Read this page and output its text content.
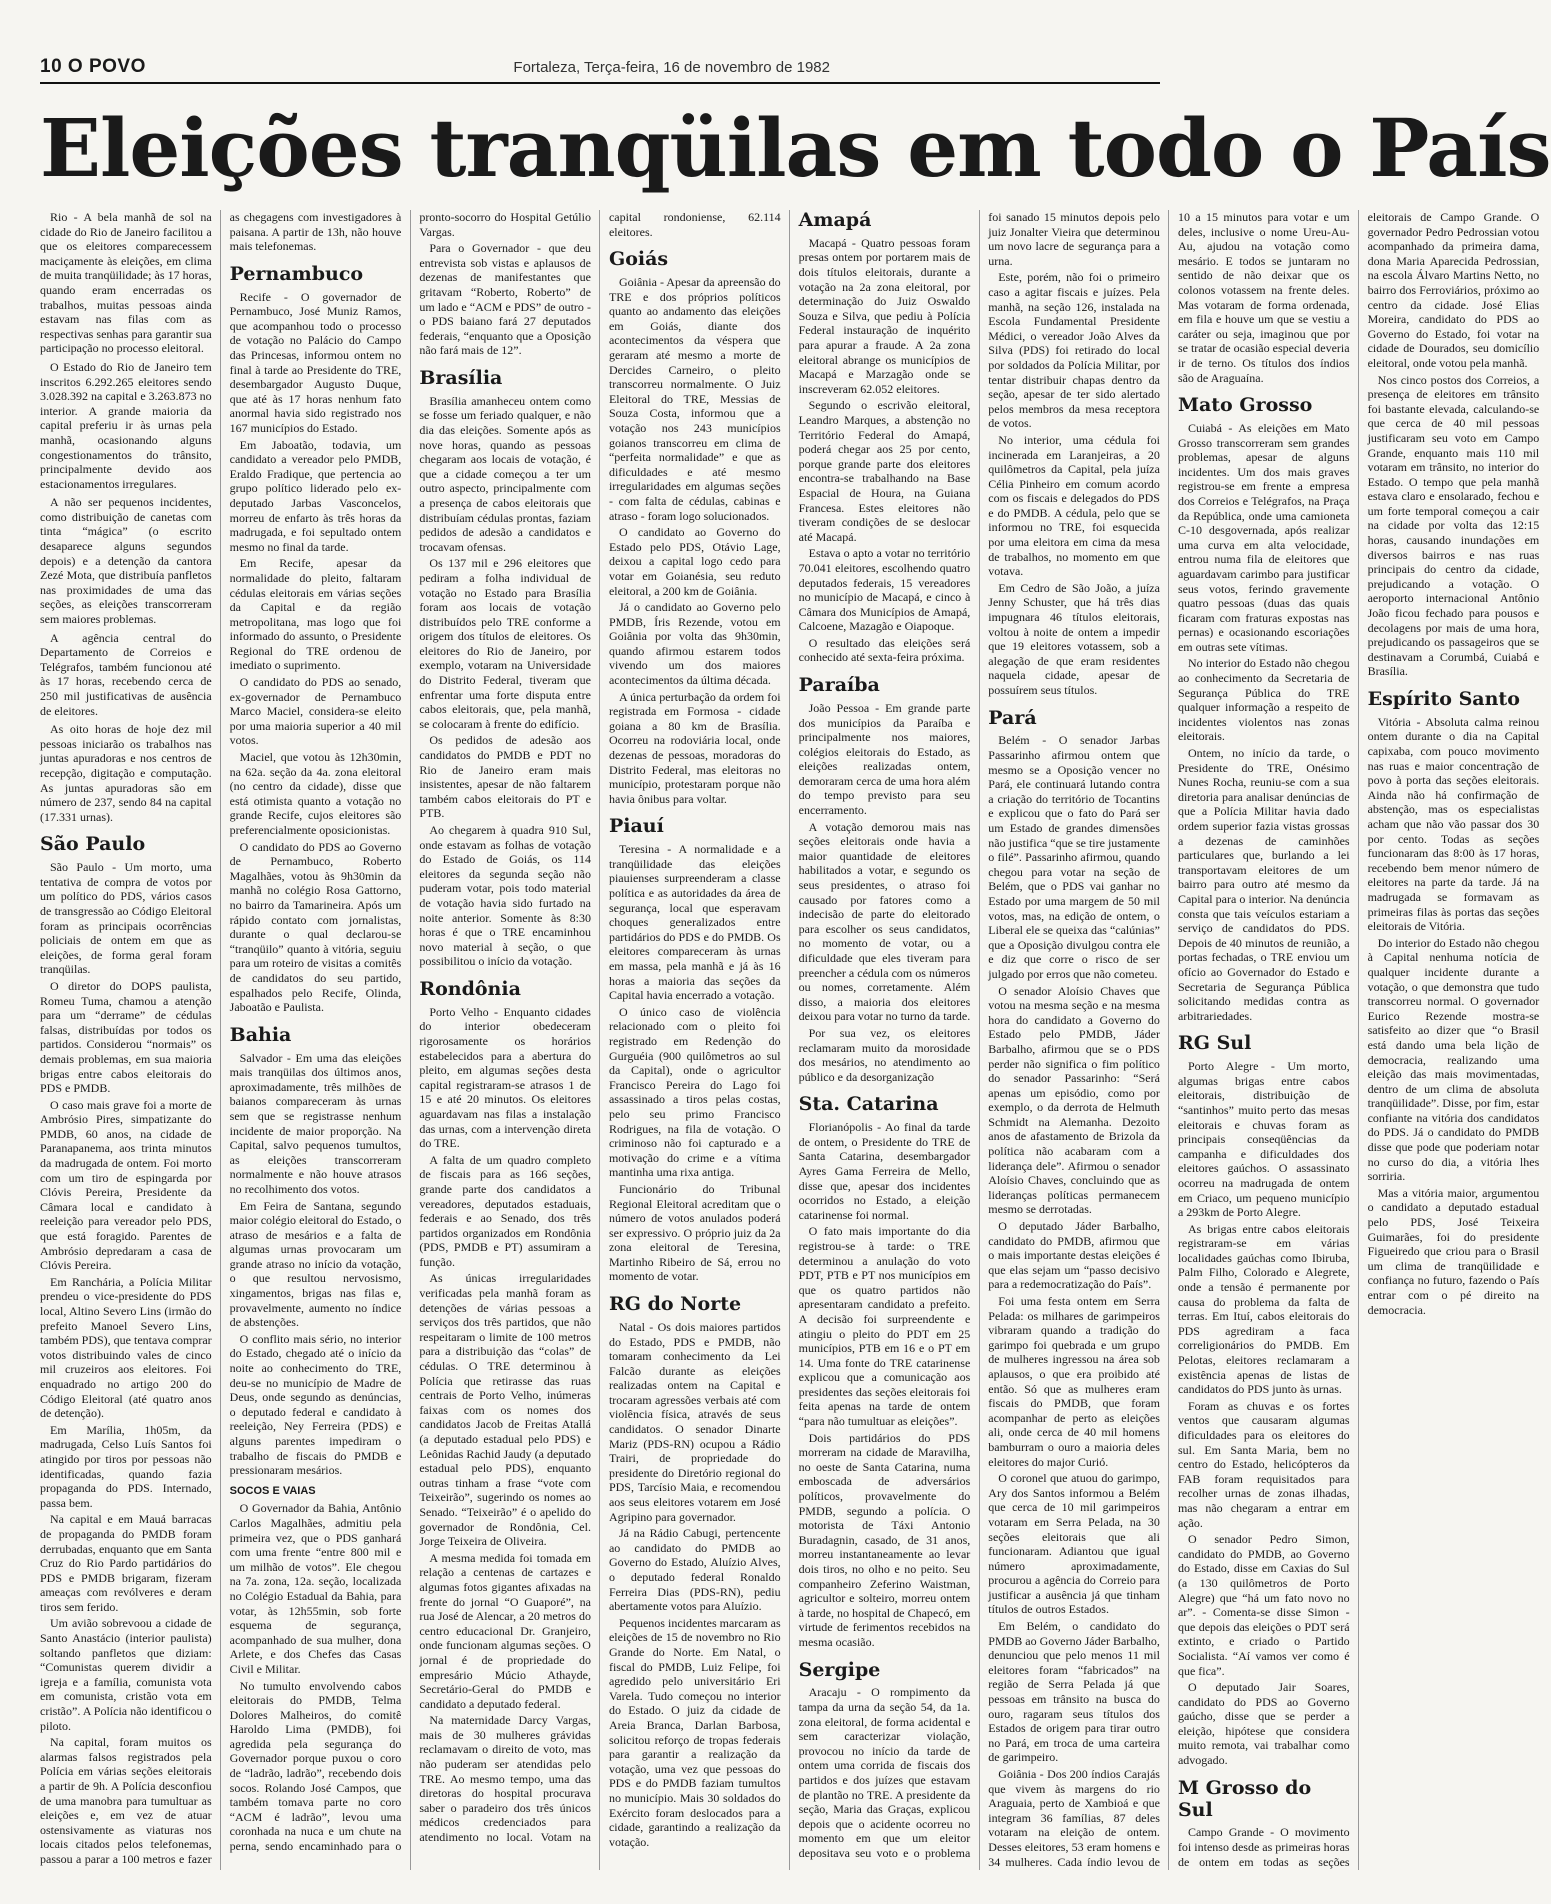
10 O POVO	Fortaleza, Terça-feira, 16 de novembro de 1982
Eleições tranqüilas em todo o País

Rio - A bela manhã de sol na cidade do Rio de Janeiro facilitou a que os eleitores comparecessem maciçamente às eleições, em clima de muita tranqüilidade; às 17 horas, quando eram encerradas os trabalhos, muitas pessoas ainda estavam nas filas com as respectivas senhas para garantir sua participação no processo eleitoral.

O Estado do Rio de Janeiro tem inscritos 6.292.265 eleitores sendo 3.028.392 na capital e 3.263.873 no interior. A grande maioria da capital preferiu ir às urnas pela manhã, ocasionando alguns congestionamentos do trânsito, principalmente devido aos estacionamentos irregulares.

A não ser pequenos incidentes, como distribuição de canetas com tinta “mágica” (o escrito desaparece alguns segundos depois) e a detenção da cantora Zezé Mota, que distribuía panfletos nas proximidades de uma das seções, as eleições transcorreram sem maiores problemas.

A agência central do Departamento de Correios e Telégrafos, também funcionou até às 17 horas, recebendo cerca de 250 mil justificativas de ausência de eleitores.

As oito horas de hoje dez mil pessoas iniciarão os trabalhos nas juntas apuradoras e nos centros de recepção, digitação e computação. As juntas apuradoras são em número de 237, sendo 84 na capital (17.331 urnas).

São Paulo

São Paulo - Um morto, uma tentativa de compra de votos por um político do PDS, vários casos de transgressão ao Código Eleitoral foram as principais ocorrências policiais de ontem em que as eleições, de forma geral foram tranqüilas.

O diretor do DOPS paulista, Romeu Tuma, chamou a atenção para um “derrame” de cédulas falsas, distribuídas por todos os partidos. Considerou “normais” os demais problemas, em sua maioria brigas entre cabos eleitorais do PDS e PMDB.

O caso mais grave foi a morte de Ambrósio Pires, simpatizante do PMDB, 60 anos, na cidade de Paranapanema, aos trinta minutos da madrugada de ontem. Foi morto com um tiro de espingarda por Clóvis Pereira, Presidente da Câmara local e candidato à reeleição para vereador pelo PDS, que está foragido. Parentes de Ambrósio depredaram a casa de Clóvis Pereira.

Em Ranchária, a Polícia Militar prendeu o vice-presidente do PDS local, Altino Severo Lins (irmão do prefeito Manoel Severo Lins, também PDS), que tentava comprar votos distribuindo vales de cinco mil cruzeiros aos eleitores. Foi enquadrado no artigo 200 do Código Eleitoral (até quatro anos de detenção).

Em Marília, 1h05m, da madrugada, Celso Luís Santos foi atingido por tiros por pessoas não identificadas, quando fazia propaganda do PDS. Internado, passa bem.

Na capital e em Mauá barracas de propaganda do PMDB foram derrubadas, enquanto que em Santa Cruz do Rio Pardo partidários do PDS e PMDB brigaram, fizeram ameaças com revólveres e deram tiros sem ferido.

Um avião sobrevoou a cidade de Santo Anastácio (interior paulista) soltando panfletos que diziam: “Comunistas querem dividir a igreja e a família, comunista vota em comunista, cristão vota em cristão”. A Polícia não identificou o piloto.

Na capital, foram muitos os alarmas falsos registrados pela Polícia em várias seções eleitorais a partir de 9h. A Polícia desconfiou de uma manobra para tumultuar as eleições e, em vez de atuar ostensivamente as viaturas nos locais citados pelos telefonemas, passou a parar a 100 metros e fazer as chegagens com investigadores à paisana. A partir de 13h, não houve mais telefonemas.

Pernambuco

Recife - O governador de Pernambuco, José Muniz Ramos, que acompanhou todo o processo de votação no Palácio do Campo das Princesas, informou ontem no final à tarde ao Presidente do TRE, desembargador Augusto Duque, que até às 17 horas nenhum fato anormal havia sido registrado nos 167 municípios do Estado.

Em Jaboatão, todavia, um candidato a vereador pelo PMDB, Eraldo Fradique, que pertencia ao grupo político liderado pelo ex-deputado Jarbas Vasconcelos, morreu de enfarto às três horas da madrugada, e foi sepultado ontem mesmo no final da tarde.

Em Recife, apesar da normalidade do pleito, faltaram cédulas eleitorais em várias seções da Capital e da região metropolitana, mas logo que foi informado do assunto, o Presidente Regional do TRE ordenou de imediato o suprimento.

O candidato do PDS ao senado, ex-governador de Pernambuco Marco Maciel, considera-se eleito por uma maioria superior a 40 mil votos.

Maciel, que votou às 12h30min, na 62a. seção da 4a. zona eleitoral (no centro da cidade), disse que está otimista quanto a votação no grande Recife, cujos eleitores são preferencialmente oposicionistas.

O candidato do PDS ao Governo de Pernambuco, Roberto Magalhães, votou às 9h30min da manhã no colégio Rosa Gattorno, no bairro da Tamarineira. Após um rápido contato com jornalistas, durante o qual declarou-se “tranqüilo” quanto à vitória, seguiu para um roteiro de visitas a comitês de candidatos do seu partido, espalhados pelo Recife, Olinda, Jaboatão e Paulista.

Bahia

Salvador - Em uma das eleições mais tranqüilas dos últimos anos, aproximadamente, três milhões de baianos compareceram às urnas sem que se registrasse nenhum incidente de maior proporção. Na Capital, salvo pequenos tumultos, as eleições transcorreram normalmente e não houve atrasos no recolhimento dos votos.

Em Feira de Santana, segundo maior colégio eleitoral do Estado, o atraso de mesários e a falta de algumas urnas provocaram um grande atraso no início da votação, o que resultou nervosismo, xingamentos, brigas nas filas e, provavelmente, aumento no índice de abstenções.

O conflito mais sério, no interior do Estado, chegado até o início da noite ao conhecimento do TRE, deu-se no município de Madre de Deus, onde segundo as denúncias, o deputado federal e candidato à reeleição, Ney Ferreira (PDS) e alguns parentes impediram o trabalho de fiscais do PMDB e pressionaram mesários.

SOCOS E VAIAS

O Governador da Bahia, Antônio Carlos Magalhães, admitiu pela primeira vez, que o PDS ganhará com uma frente “entre 800 mil e um milhão de votos”. Ele chegou na 7a. zona, 12a. seção, localizada no Colégio Estadual da Bahia, para votar, às 12h55min, sob forte esquema de segurança, acompanhado de sua mulher, dona Arlete, e dos Chefes das Casas Civil e Militar.

No tumulto envolvendo cabos eleitorais do PMDB, Telma Dolores Malheiros, do comitê Haroldo Lima (PMDB), foi agredida pela segurança do Governador porque puxou o coro de “ladrão, ladrão”, recebendo dois socos. Rolando José Campos, que também tomava parte no coro “ACM é ladrão”, levou uma coronhada na nuca e um chute na perna, sendo encaminhado para o pronto-socorro do Hospital Getúlio Vargas.

Para o Governador - que deu entrevista sob vistas e aplausos de dezenas de manifestantes que gritavam “Roberto, Roberto” de um lado e “ACM e PDS” de outro - o PDS baiano fará 27 deputados federais, “enquanto que a Oposição não fará mais de 12”.

Brasília

Brasília amanheceu ontem como se fosse um feriado qualquer, e não dia das eleições. Somente após as nove horas, quando as pessoas chegaram aos locais de votação, é que a cidade começou a ter um outro aspecto, principalmente com a presença de cabos eleitorais que distribuíam cédulas prontas, faziam pedidos de adesão a candidatos e trocavam ofensas.

Os 137 mil e 296 eleitores que pediram a folha individual de votação no Estado para Brasília foram aos locais de votação distribuídos pelo TRE conforme a origem dos títulos de eleitores. Os eleitores do Rio de Janeiro, por exemplo, votaram na Universidade do Distrito Federal, tiveram que enfrentar uma forte disputa entre cabos eleitorais, que, pela manhã, se colocaram à frente do edifício.

Os pedidos de adesão aos candidatos do PMDB e PDT no Rio de Janeiro eram mais insistentes, apesar de não faltarem também cabos eleitorais do PT e PTB.

Ao chegarem à quadra 910 Sul, onde estavam as folhas de votação do Estado de Goiás, os 114 eleitores da segunda seção não puderam votar, pois todo material de votação havia sido furtado na noite anterior. Somente às 8:30 horas é que o TRE encaminhou novo material à seção, o que possibilitou o início da votação.

Rondônia

Porto Velho - Enquanto cidades do interior obedeceram rigorosamente os horários estabelecidos para a abertura do pleito, em algumas seções desta capital registraram-se atrasos 1 de 15 e até 20 minutos. Os eleitores aguardavam nas filas a instalação das urnas, com a intervenção direta do TRE.

A falta de um quadro completo de fiscais para as 166 seções, grande parte dos candidatos a vereadores, deputados estaduais, federais e ao Senado, dos três partidos organizados em Rondônia (PDS, PMDB e PT) assumiram a função.

As únicas irregularidades verificadas pela manhã foram as detenções de várias pessoas a serviços dos três partidos, que não respeitaram o limite de 100 metros para a distribuição das “colas” de cédulas. O TRE determinou à Polícia que retirasse das ruas centrais de Porto Velho, inúmeras faixas com os nomes dos candidatos Jacob de Freitas Atallá (a deputado estadual pelo PDS) e Leônidas Rachid Jaudy (a deputado estadual pelo PDS), enquanto outras tinham a frase “vote com Teixeirão”, sugerindo os nomes ao Senado. “Teixeirão” é o apelido do governador de Rondônia, Cel. Jorge Teixeira de Oliveira.

A mesma medida foi tomada em relação a centenas de cartazes e algumas fotos gigantes afixadas na frente do jornal “O Guaporé”, na rua José de Alencar, a 20 metros do centro educacional Dr. Granjeiro, onde funcionam algumas seções. O jornal é de propriedade do empresário Múcio Athayde, Secretário-Geral do PMDB e candidato a deputado federal.

Na maternidade Darcy Vargas, mais de 30 mulheres grávidas reclamavam o direito de voto, mas não puderam ser atendidas pelo TRE. Ao mesmo tempo, uma das diretoras do hospital procurava saber o paradeiro dos três únicos médicos credenciados para atendimento no local. Votam na capital rondoniense, 62.114 eleitores.

Goiás

Goiânia - Apesar da apreensão do TRE e dos próprios políticos quanto ao andamento das eleições em Goiás, diante dos acontecimentos da véspera que geraram até mesmo a morte de Dercides Carneiro, o pleito transcorreu normalmente. O Juiz Eleitoral do TRE, Messias de Souza Costa, informou que a votação nos 243 municípios goianos transcorreu em clima de “perfeita normalidade” e que as dificuldades e até mesmo irregularidades em algumas seções - com falta de cédulas, cabinas e atraso - foram logo solucionados.

O candidato ao Governo do Estado pelo PDS, Otávio Lage, deixou a capital logo cedo para votar em Goianésia, seu reduto eleitoral, a 200 km de Goiânia.

Já o candidato ao Governo pelo PMDB, Íris Rezende, votou em Goiânia por volta das 9h30min, quando afirmou estarem todos vivendo um dos maiores acontecimentos da última década.

A única perturbação da ordem foi registrada em Formosa - cidade goiana a 80 km de Brasília. Ocorreu na rodoviária local, onde dezenas de pessoas, moradoras do Distrito Federal, mas eleitoras no município, protestaram porque não havia ônibus para voltar.

Piauí

Teresina - A normalidade e a tranqüilidade das eleições piauienses surpreenderam a classe política e as autoridades da área de segurança, local que esperavam choques generalizados entre partidários do PDS e do PMDB. Os eleitores compareceram às urnas em massa, pela manhã e já às 16 horas a maioria das seções da Capital havia encerrado a votação.

O único caso de violência relacionado com o pleito foi registrado em Redenção do Gurguéia (900 quilômetros ao sul da Capital), onde o agricultor Francisco Pereira do Lago foi assassinado a tiros pelas costas, pelo seu primo Francisco Rodrigues, na fila de votação. O criminoso não foi capturado e a motivação do crime e a vítima mantinha uma rixa antiga.

Funcionário do Tribunal Regional Eleitoral acreditam que o número de votos anulados poderá ser expressivo. O próprio juiz da 2a zona eleitoral de Teresina, Martinho Ribeiro de Sá, errou no momento de votar.

RG do Norte

Natal - Os dois maiores partidos do Estado, PDS e PMDB, não tomaram conhecimento da Lei Falcão durante as eleições realizadas ontem na Capital e trocaram agressões verbais até com violência física, através de seus candidatos. O senador Dinarte Mariz (PDS-RN) ocupou a Rádio Trairi, de propriedade do presidente do Diretório regional do PDS, Tarcísio Maia, e recomendou aos seus eleitores votarem em José Agripino para governador.

Já na Rádio Cabugi, pertencente ao candidato do PMDB ao Governo do Estado, Aluízio Alves, o deputado federal Ronaldo Ferreira Dias (PDS-RN), pediu abertamente votos para Aluízio.

Pequenos incidentes marcaram as eleições de 15 de novembro no Rio Grande do Norte. Em Natal, o fiscal do PMDB, Luiz Felipe, foi agredido pelo universitário Eri Varela. Tudo começou no interior do Estado. O juiz da cidade de Areia Branca, Darlan Barbosa, solicitou reforço de tropas federais para garantir a realização da votação, uma vez que pessoas do PDS e do PMDB faziam tumultos no município. Mais 30 soldados do Exército foram deslocados para a cidade, garantindo a realização da votação.

Amapá

Macapá - Quatro pessoas foram presas ontem por portarem mais de dois títulos eleitorais, durante a votação na 2a zona eleitoral, por determinação do Juiz Oswaldo Souza e Silva, que pediu à Polícia Federal instauração de inquérito para apurar a fraude. A 2a zona eleitoral abrange os municípios de Macapá e Marzagão onde se inscreveram 62.052 eleitores.

Segundo o escrivão eleitoral, Leandro Marques, a abstenção no Território Federal do Amapá, poderá chegar aos 25 por cento, porque grande parte dos eleitores encontra-se trabalhando na Base Espacial de Houra, na Guiana Francesa. Estes eleitores não tiveram condições de se deslocar até Macapá.

Estava o apto a votar no território 70.041 eleitores, escolhendo quatro deputados federais, 15 vereadores no município de Macapá, e cinco à Câmara dos Municípios de Amapá, Calcoene, Mazagão e Oiapoque.

O resultado das eleições será conhecido até sexta-feira próxima.

Paraíba

João Pessoa - Em grande parte dos municípios da Paraíba e principalmente nos maiores, colégios eleitorais do Estado, as eleições realizadas ontem, demoraram cerca de uma hora além do tempo previsto para seu encerramento.

A votação demorou mais nas seções eleitorais onde havia a maior quantidade de eleitores habilitados a votar, e segundo os seus presidentes, o atraso foi causado por fatores como a indecisão de parte do eleitorado para escolher os seus candidatos, no momento de votar, ou a dificuldade que eles tiveram para preencher a cédula com os números ou nomes, corretamente. Além disso, a maioria dos eleitores deixou para votar no turno da tarde.

Por sua vez, os eleitores reclamaram muito da morosidade dos mesários, no atendimento ao público e da desorganização

Sta. Catarina

Florianópolis - Ao final da tarde de ontem, o Presidente do TRE de Santa Catarina, desembargador Ayres Gama Ferreira de Mello, disse que, apesar dos incidentes ocorridos no Estado, a eleição catarinense foi normal.

O fato mais importante do dia registrou-se à tarde: o TRE determinou a anulação do voto PDT, PTB e PT nos municípios em que os quatro partidos não apresentaram candidato a prefeito. A decisão foi surpreendente e atingiu o pleito do PDT em 25 municípios, PTB em 16 e o PT em 14. Uma fonte do TRE catarinense explicou que a comunicação aos presidentes das seções eleitorais foi feita apenas na tarde de ontem “para não tumultuar as eleições”.

Dois partidários do PDS morreram na cidade de Maravilha, no oeste de Santa Catarina, numa emboscada de adversários políticos, provavelmente do PMDB, segundo a polícia. O motorista de Táxi Antonio Buradagnin, casado, de 31 anos, morreu instantaneamente ao levar dois tiros, no olho e no peito. Seu companheiro Zeferino Waistman, agricultor e solteiro, morreu ontem à tarde, no hospital de Chapecó, em virtude de ferimentos recebidos na mesma ocasião.

Sergipe

Aracaju - O rompimento da tampa da urna da seção 54, da 1a. zona eleitoral, de forma acidental e sem caracterizar violação, provocou no início da tarde de ontem uma corrida de fiscais dos partidos e dos juízes que estavam de plantão no TRE. A presidente da seção, Maria das Graças, explicou depois que o acidente ocorreu no momento em que um eleitor depositava seu voto e o problema foi sanado 15 minutos depois pelo juiz Jonalter Vieira que determinou um novo lacre de segurança para a urna.

Este, porém, não foi o primeiro caso a agitar fiscais e juízes. Pela manhã, na seção 126, instalada na Escola Fundamental Presidente Médici, o vereador João Alves da Silva (PDS) foi retirado do local por soldados da Polícia Militar, por tentar distribuir chapas dentro da seção, apesar de ter sido alertado pelos membros da mesa receptora de votos.

No interior, uma cédula foi incinerada em Laranjeiras, a 20 quilômetros da Capital, pela juíza Célia Pinheiro em comum acordo com os fiscais e delegados do PDS e do PMDB. A cédula, pelo que se informou no TRE, foi esquecida por uma eleitora em cima da mesa de trabalhos, no momento em que votava.

Em Cedro de São João, a juíza Jenny Schuster, que há três dias impugnara 46 títulos eleitorais, voltou à noite de ontem a impedir que 19 eleitores votassem, sob a alegação de que eram residentes naquela cidade, apesar de possuírem seus títulos.

Pará

Belém - O senador Jarbas Passarinho afirmou ontem que mesmo se a Oposição vencer no Pará, ele continuará lutando contra a criação do território de Tocantins e explicou que o fato do Pará ser um Estado de grandes dimensões não justifica “que se tire justamente o filé”. Passarinho afirmou, quando chegou para votar na seção de Belém, que o PDS vai ganhar no Estado por uma margem de 50 mil votos, mas, na edição de ontem, o Liberal ele se queixa das “calúnias” que a Oposição divulgou contra ele e diz que corre o risco de ser julgado por erros que não cometeu.

O senador Aloísio Chaves que votou na mesma seção e na mesma hora do candidato a Governo do Estado pelo PMDB, Jáder Barbalho, afirmou que se o PDS perder não significa o fim político do senador Passarinho: “Será apenas um episódio, como por exemplo, o da derrota de Helmuth Schmidt na Alemanha. Dezoito anos de afastamento de Brizola da política não acabaram com a liderança dele”. Afirmou o senador Aloísio Chaves, concluindo que as lideranças políticas permanecem mesmo se derrotadas.

O deputado Jáder Barbalho, candidato do PMDB, afirmou que o mais importante destas eleições é que elas sejam um “passo decisivo para a redemocratização do País”.

Foi uma festa ontem em Serra Pelada: os milhares de garimpeiros vibraram quando a tradição do garimpo foi quebrada e um grupo de mulheres ingressou na área sob aplausos, o que era proibido até então. Só que as mulheres eram fiscais do PMDB, que foram acompanhar de perto as eleições ali, onde cerca de 40 mil homens bamburram o ouro a maioria deles eleitores do major Curió.

O coronel que atuou do garimpo, Ary dos Santos informou a Belém que cerca de 10 mil garimpeiros votaram em Serra Pelada, na 30 seções eleitorais que ali funcionaram. Adiantou que igual número aproximadamente, procurou a agência do Correio para justificar a ausência já que tinham títulos de outros Estados.

Em Belém, o candidato do PMDB ao Governo Jáder Barbalho, denunciou que pelo menos 11 mil eleitores foram “fabricados” na região de Serra Pelada já que pessoas em trânsito na busca do ouro, ragaram seus títulos dos Estados de origem para tirar outro no Pará, em troca de uma carteira de garimpeiro.

Goiânia - Dos 200 índios Carajás que vivem às margens do rio Araguaia, perto de Xambioá e que integram 36 famílias, 87 deles votaram na eleição de ontem. Desses eleitores, 53 eram homens e 34 mulheres. Cada índio levou de 10 a 15 minutos para votar e um deles, inclusive o nome Ureu-Au-Au, ajudou na votação como mesário. E todos se juntaram no sentido de não deixar que os colonos votassem na frente deles. Mas votaram de forma ordenada, em fila e houve um que se vestiu a caráter ou seja, imaginou que por se tratar de ocasião especial deveria ir de terno. Os títulos dos índios são de Araguaína.

Mato Grosso

Cuiabá - As eleições em Mato Grosso transcorreram sem grandes problemas, apesar de alguns incidentes. Um dos mais graves registrou-se em frente a empresa dos Correios e Telégrafos, na Praça da República, onde uma camioneta C-10 desgovernada, após realizar uma curva em alta velocidade, entrou numa fila de eleitores que aguardavam carimbo para justificar seus votos, ferindo gravemente quatro pessoas (duas das quais ficaram com fraturas expostas nas pernas) e ocasionando escoriações em outras sete vítimas.

No interior do Estado não chegou ao conhecimento da Secretaria de Segurança Pública do TRE qualquer informação a respeito de incidentes violentos nas zonas eleitorais.

Ontem, no início da tarde, o Presidente do TRE, Onésimo Nunes Rocha, reuniu-se com a sua diretoria para analisar denúncias de que a Polícia Militar havia dado ordem superior fazia vistas grossas a dezenas de caminhões particulares que, burlando a lei transportavam eleitores de um bairro para outro até mesmo da Capital para o interior. Na denúncia consta que tais veículos estariam a serviço de candidatos do PDS. Depois de 40 minutos de reunião, a portas fechadas, o TRE enviou um ofício ao Governador do Estado e Secretaria de Segurança Pública solicitando medidas contra as arbitrariedades.

RG Sul

Porto Alegre - Um morto, algumas brigas entre cabos eleitorais, distribuição de “santinhos” muito perto das mesas eleitorais e chuvas foram as principais conseqüências da campanha e dificuldades dos eleitores gaúchos. O assassinato ocorreu na madrugada de ontem em Criaco, um pequeno município a 293km de Porto Alegre.

As brigas entre cabos eleitorais registraram-se em várias localidades gaúchas como Ibiruba, Palm Filho, Colorado e Alegrete, onde a tensão é permanente por causa do problema da falta de terras. Em Ituí, cabos eleitorais do PDS agrediram a faca correligionários do PMDB. Em Pelotas, eleitores reclamaram a existência apenas de listas de candidatos do PDS junto às urnas.

Foram as chuvas e os fortes ventos que causaram algumas dificuldades para os eleitores do sul. Em Santa Maria, bem no centro do Estado, helicópteros da FAB foram requisitados para recolher urnas de zonas ilhadas, mas não chegaram a entrar em ação.

O senador Pedro Simon, candidato do PMDB, ao Governo do Estado, disse em Caxias do Sul (a 130 quilômetros de Porto Alegre) que “há um fato novo no ar”. - Comenta-se disse Simon - que depois das eleições o PDT será extinto, e criado o Partido Socialista. “Aí vamos ver como é que fica”.

O deputado Jair Soares, candidato do PDS ao Governo gaúcho, disse que se perder a eleição, hipótese que considera muito remota, vai trabalhar como advogado.

M Grosso do Sul

Campo Grande - O movimento foi intenso desde as primeiras horas de ontem em todas as seções eleitorais de Campo Grande. O governador Pedro Pedrossian votou acompanhado da primeira dama, dona Maria Aparecida Pedrossian, na escola Álvaro Martins Netto, no bairro dos Ferroviários, próximo ao centro da cidade. José Elias Moreira, candidato do PDS ao Governo do Estado, foi votar na cidade de Dourados, seu domicílio eleitoral, onde votou pela manhã.

Nos cinco postos dos Correios, a presença de eleitores em trânsito foi bastante elevada, calculando-se que cerca de 40 mil pessoas justificaram seu voto em Campo Grande, enquanto mais 110 mil votaram em trânsito, no interior do Estado. O tempo que pela manhã estava claro e ensolarado, fechou e um forte temporal começou a cair na cidade por volta das 12:15 horas, causando inundações em diversos bairros e nas ruas principais do centro da cidade, prejudicando a votação. O aeroporto internacional Antônio João ficou fechado para pousos e decolagens por mais de uma hora, prejudicando os passageiros que se destinavam a Corumbá, Cuiabá e Brasília.

Espírito Santo

Vitória - Absoluta calma reinou ontem durante o dia na Capital capixaba, com pouco movimento nas ruas e maior concentração de povo à porta das seções eleitorais. Ainda não há confirmação de abstenção, mas os especialistas acham que não vão passar dos 30 por cento. Todas as seções funcionaram das 8:00 às 17 horas, recebendo bem menor número de eleitores na parte da tarde. Já na madrugada se formavam as primeiras filas às portas das seções eleitorais de Vitória.

Do interior do Estado não chegou à Capital nenhuma notícia de qualquer incidente durante a votação, o que demonstra que tudo transcorreu normal. O governador Eurico Rezende mostra-se satisfeito ao dizer que “o Brasil está dando uma bela lição de democracia, realizando uma eleição das mais movimentadas, dentro de um clima de absoluta tranqüilidade”. Disse, por fim, estar confiante na vitória dos candidatos do PDS. Já o candidato do PMDB disse que pode que poderiam notar no curso do dia, a vitória lhes sorriria.

Mas a vitória maior, argumentou o candidato a deputado estadual pelo PDS, José Teixeira Guimarães, foi do presidente Figueiredo que criou para o Brasil um clima de tranqüilidade e confiança no futuro, fazendo o País entrar com o pé direito na democracia.
